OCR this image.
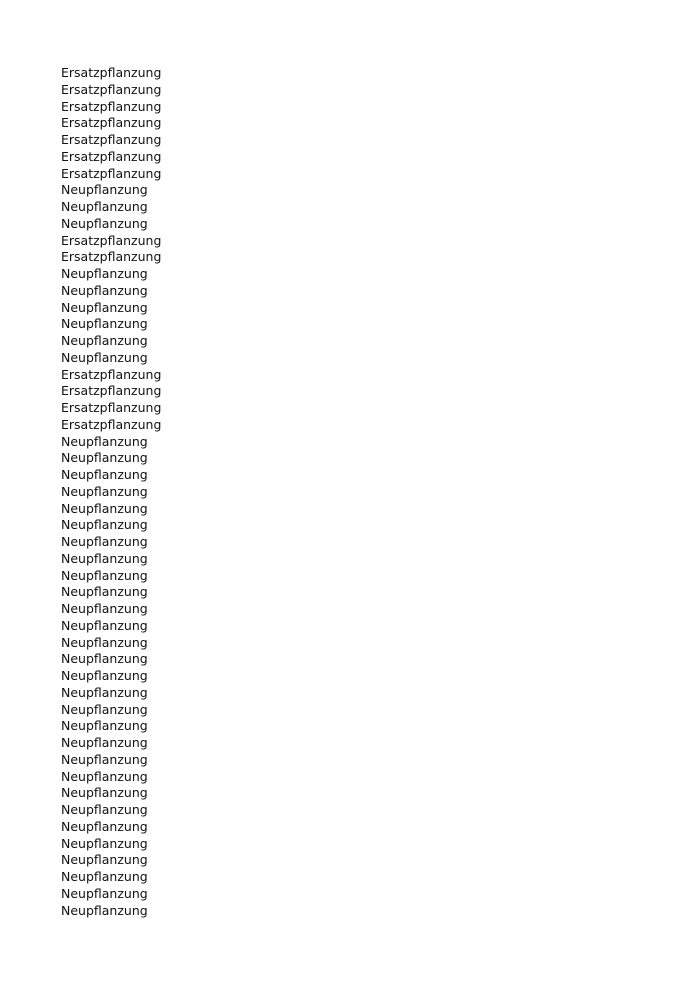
Ersatzpflanzung
Ersatzpflanzung
Ersatzpflanzung
Ersatzpflanzung
Ersatzpflanzung
Ersatzpflanzung
Ersatzpflanzung
Neupflanzung
Neupflanzung
Neupflanzung
Ersatzpflanzung
Ersatzpflanzung
Neupflanzung
Neupflanzung
Neupflanzung
Neupflanzung
Neupflanzung
Neupflanzung
Ersatzpflanzung
Ersatzpflanzung
Ersatzpflanzung
Ersatzpflanzung
Neupflanzung
Neupflanzung
Neupflanzung
Neupflanzung
Neupflanzung
Neupflanzung
Neupflanzung
Neupflanzung
Neupflanzung
Neupflanzung
Neupflanzung
Neupflanzung
Neupflanzung
Neupflanzung
Neupflanzung
Neupflanzung
Neupflanzung
Neupflanzung
Neupflanzung
Neupflanzung
Neupflanzung
Neupflanzung
Neupflanzung
Neupflanzung
Neupflanzung
Neupflanzung
Neupflanzung
Neupflanzung
Neupflanzung
